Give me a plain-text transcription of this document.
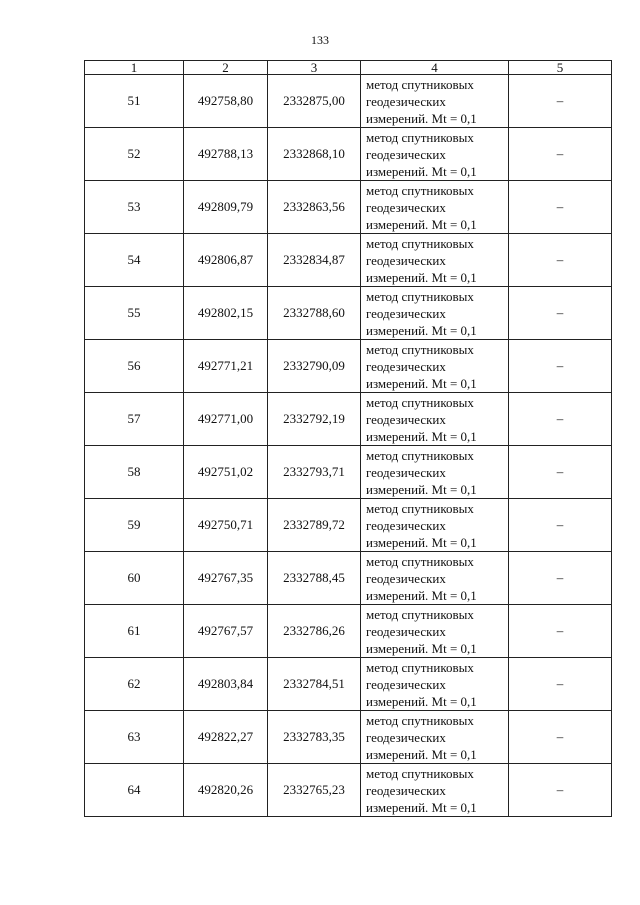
133
1	2	3	4	5
51	492758,80	2332875,00	метод спутниковых
геодезических
измерений. Mt = 0,1	–
52	492788,13	2332868,10	метод спутниковых
геодезических
измерений. Mt = 0,1	–
53	492809,79	2332863,56	метод спутниковых
геодезических
измерений. Mt = 0,1	–
54	492806,87	2332834,87	метод спутниковых
геодезических
измерений. Mt = 0,1	–
55	492802,15	2332788,60	метод спутниковых
геодезических
измерений. Mt = 0,1	–
56	492771,21	2332790,09	метод спутниковых
геодезических
измерений. Mt = 0,1	–
57	492771,00	2332792,19	метод спутниковых
геодезических
измерений. Mt = 0,1	–
58	492751,02	2332793,71	метод спутниковых
геодезических
измерений. Mt = 0,1	–
59	492750,71	2332789,72	метод спутниковых
геодезических
измерений. Mt = 0,1	–
60	492767,35	2332788,45	метод спутниковых
геодезических
измерений. Mt = 0,1	–
61	492767,57	2332786,26	метод спутниковых
геодезических
измерений. Mt = 0,1	–
62	492803,84	2332784,51	метод спутниковых
геодезических
измерений. Mt = 0,1	–
63	492822,27	2332783,35	метод спутниковых
геодезических
измерений. Mt = 0,1	–
64	492820,26	2332765,23	метод спутниковых
геодезических
измерений. Mt = 0,1	–
